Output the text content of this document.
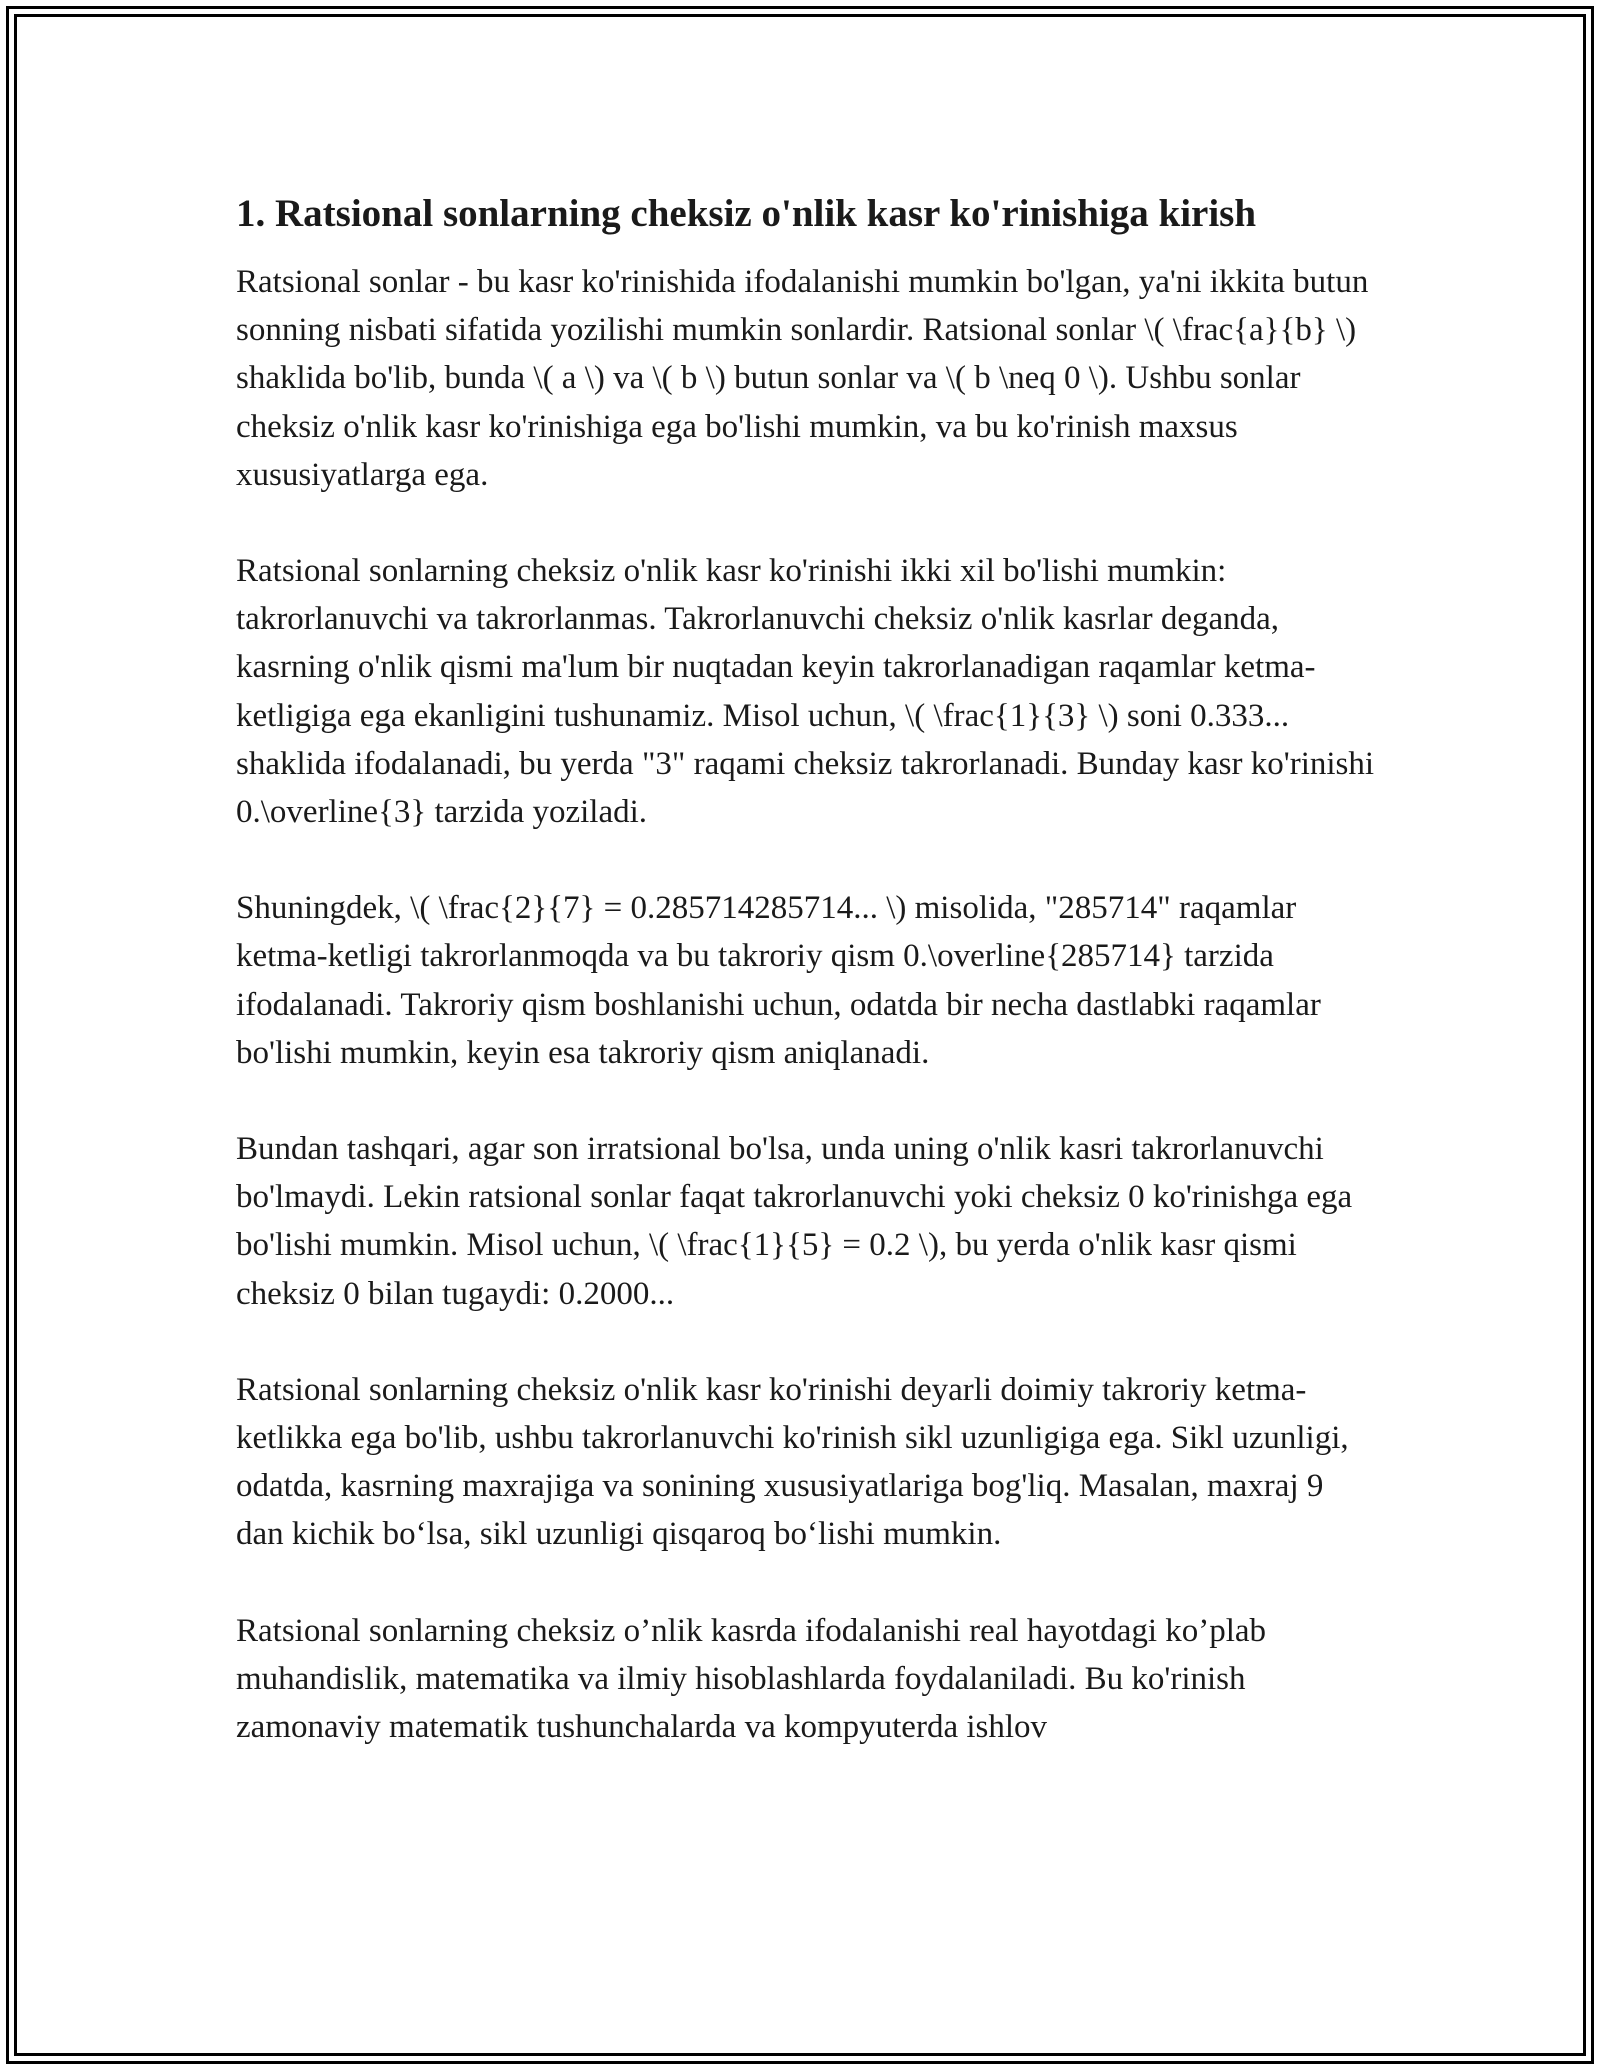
1. Ratsional sonlarning cheksiz o'nlik kasr ko'rinishiga kirish

Ratsional sonlar - bu kasr ko'rinishida ifodalanishi mumkin bo'lgan, ya'ni ikkita butun sonning nisbati sifatida yozilishi mumkin sonlardir. Ratsional sonlar \( \frac{a}{b} \) shaklida bo'lib, bunda \( a \) va \( b \) butun sonlar va \( b \neq 0 \). Ushbu sonlar cheksiz o'nlik kasr ko'rinishiga ega bo'lishi mumkin, va bu ko'rinish maxsus xususiyatlarga ega.

Ratsional sonlarning cheksiz o'nlik kasr ko'rinishi ikki xil bo'lishi mumkin: takrorlanuvchi va takrorlanmas. Takrorlanuvchi cheksiz o'nlik kasrlar deganda, kasrning o'nlik qismi ma'lum bir nuqtadan keyin takrorlanadigan raqamlar ketma-ketligiga ega ekanligini tushunamiz. Misol uchun, \( \frac{1}{3} \) soni 0.333... shaklida ifodalanadi, bu yerda "3" raqami cheksiz takrorlanadi. Bunday kasr ko'rinishi 0.\overline{3} tarzida yoziladi.

Shuningdek, \( \frac{2}{7} = 0.285714285714... \) misolida, "285714" raqamlar ketma-ketligi takrorlanmoqda va bu takroriy qism 0.\overline{285714} tarzida ifodalanadi. Takroriy qism boshlanishi uchun, odatda bir necha dastlabki raqamlar bo'lishi mumkin, keyin esa takroriy qism aniqlanadi.

Bundan tashqari, agar son irratsional bo'lsa, unda uning o'nlik kasri takrorlanuvchi bo'lmaydi. Lekin ratsional sonlar faqat takrorlanuvchi yoki cheksiz 0 ko'rinishga ega bo'lishi mumkin. Misol uchun, \( \frac{1}{5} = 0.2 \), bu yerda o'nlik kasr qismi cheksiz 0 bilan tugaydi: 0.2000...

Ratsional sonlarning cheksiz o'nlik kasr ko'rinishi deyarli doimiy takroriy ketma-ketlikka ega bo'lib, ushbu takrorlanuvchi ko'rinish sikl uzunligiga ega. Sikl uzunligi, odatda, kasrning maxrajiga va sonining xususiyatlariga bog'liq. Masalan, maxraj 9 dan kichik bo‘lsa, sikl uzunligi qisqaroq bo‘lishi mumkin.

Ratsional sonlarning cheksiz o’nlik kasrda ifodalanishi real hayotdagi ko’plab muhandislik, matematika va ilmiy hisoblashlarda foydalaniladi. Bu ko'rinish zamonaviy matematik tushunchalarda va kompyuterda ishlov
